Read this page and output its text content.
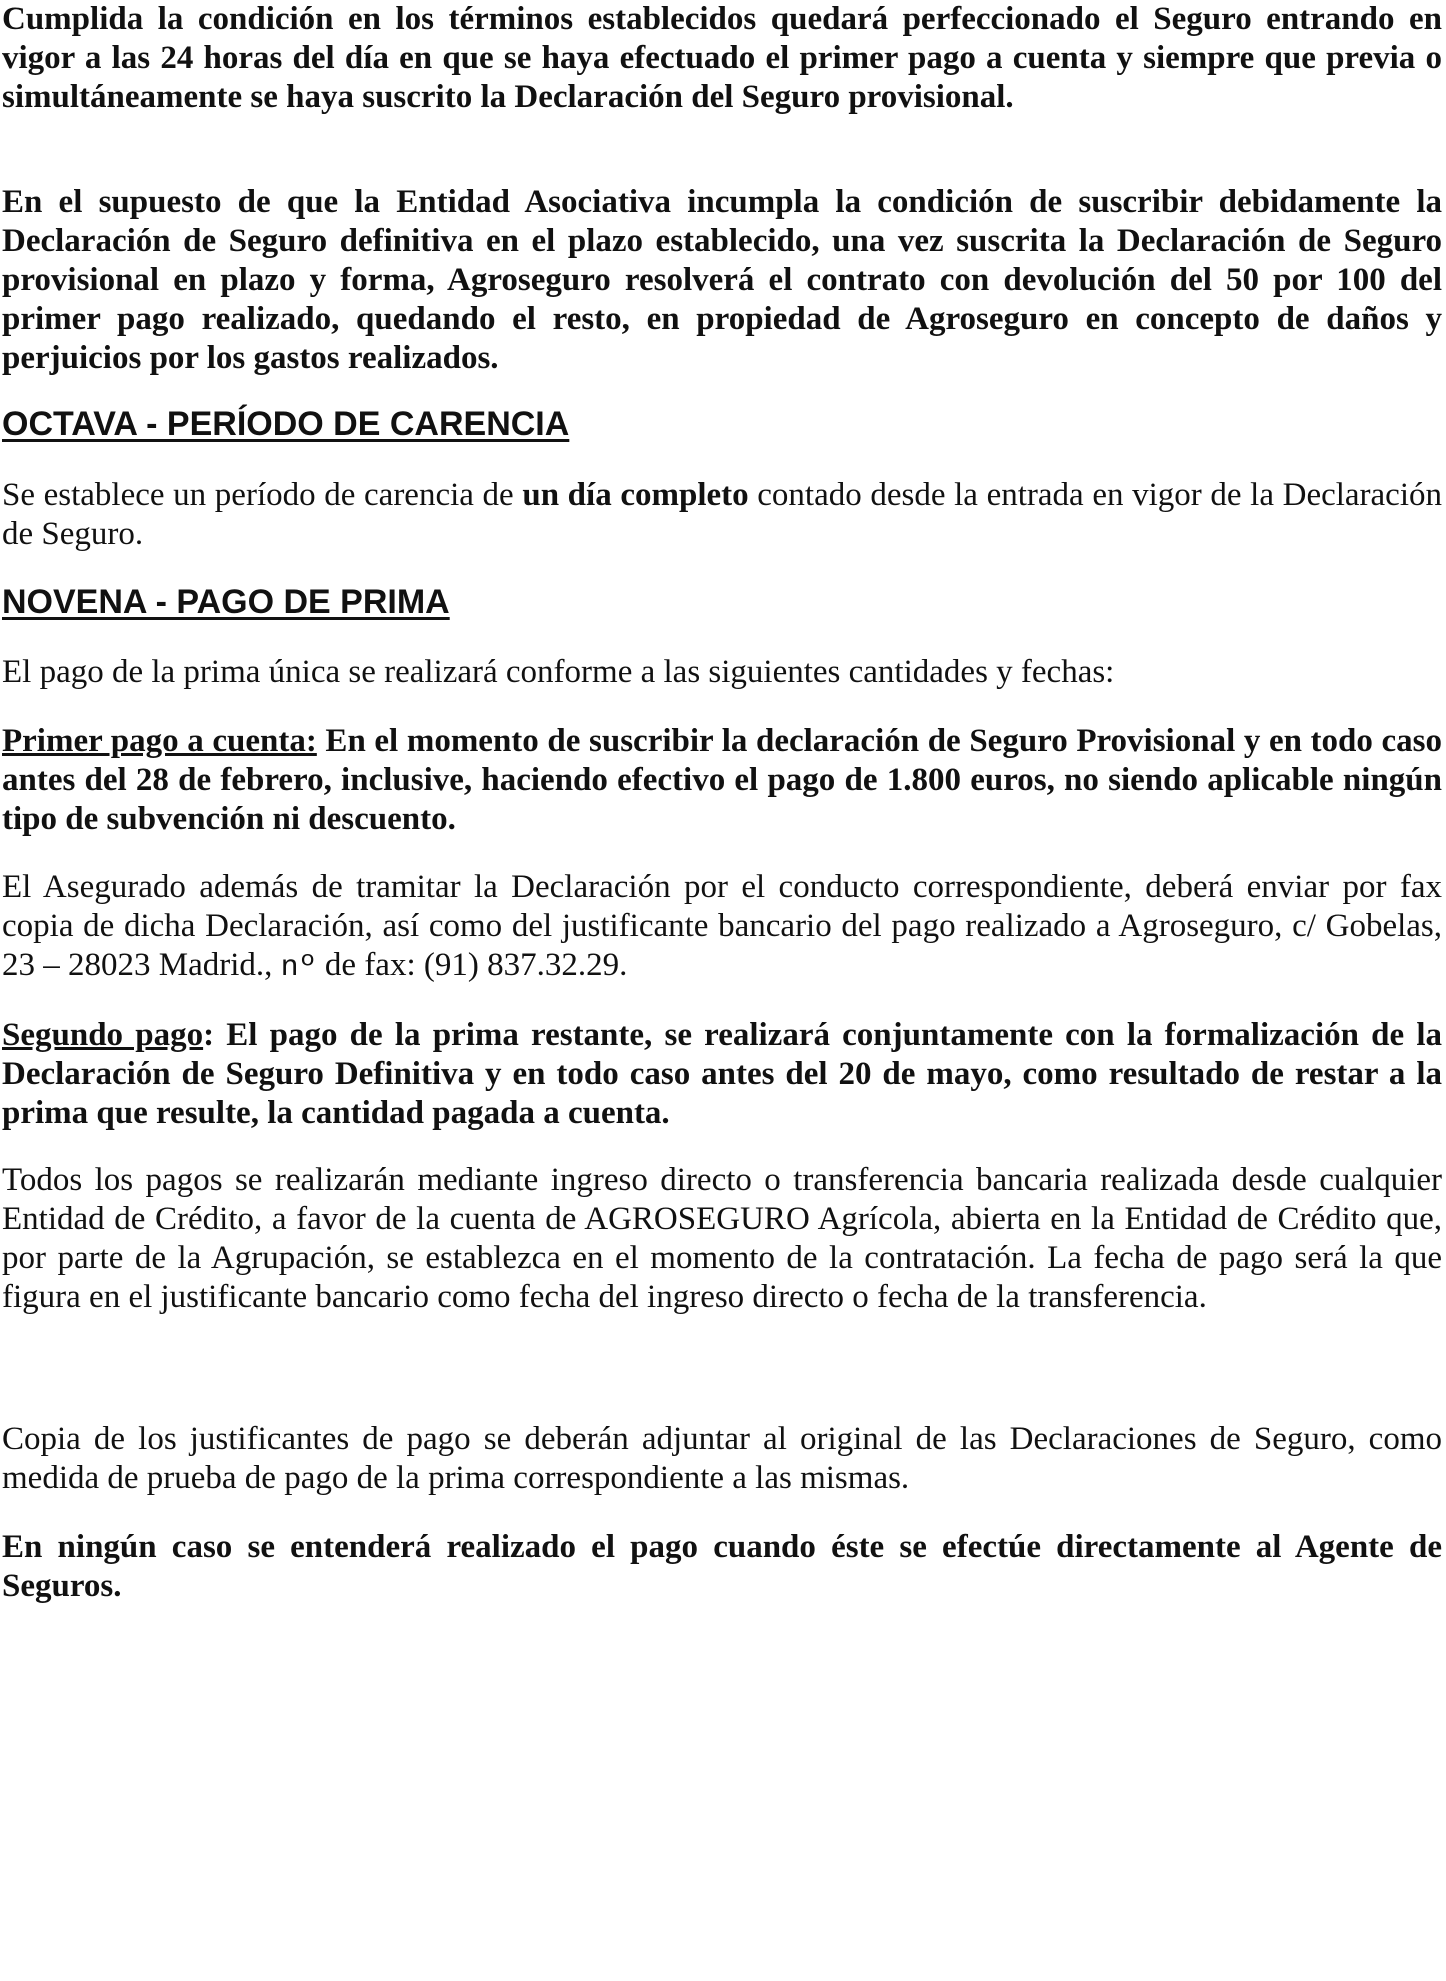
Cumplida la condición en los términos establecidos quedará perfeccionado el Seguro entrando en vigor a las 24 horas del día en que se haya efectuado el primer pago a cuenta y siempre que previa o simultáneamente se haya suscrito la Declaración del Seguro provisional.

En el supuesto de que la Entidad Asociativa incumpla la condición de suscribir debidamente la Declaración de Seguro definitiva en el plazo establecido, una vez suscrita la Declaración de Seguro provisional en plazo y forma, Agroseguro resolverá el contrato con devolución del 50 por 100 del primer pago realizado, quedando el resto, en propiedad de Agroseguro en concepto de daños y perjuicios por los gastos realizados.

OCTAVA - PERÍODO DE CARENCIA

Se establece un período de carencia de un día completo contado desde la entrada en vigor de la Declaración de Seguro.

NOVENA - PAGO DE PRIMA

El pago de la prima única se realizará conforme a las siguientes cantidades y fechas:

Primer pago a cuenta: En el momento de suscribir la declaración de Seguro Provisional y en todo caso antes del 28 de febrero, inclusive, haciendo efectivo el pago de 1.800 euros, no siendo aplicable ningún tipo de subvención ni descuento.

El Asegurado además de tramitar la Declaración por el conducto correspondiente, deberá enviar por fax copia de dicha Declaración, así como del justificante bancario del pago realizado a Agroseguro, c/ Gobelas, 23 – 28023 Madrid., nº de fax: (91) 837.32.29.

Segundo pago: El pago de la prima restante, se realizará conjuntamente con la formalización de la Declaración de Seguro Definitiva y en todo caso antes del 20 de mayo, como resultado de restar a la prima que resulte, la cantidad pagada a cuenta.

Todos los pagos se realizarán mediante ingreso directo o transferencia bancaria realizada desde cualquier Entidad de Crédito, a favor de la cuenta de AGROSEGURO Agrícola, abierta en la Entidad de Crédito que, por parte de la Agrupación, se establezca en el momento de la contratación. La fecha de pago será la que figura en el justificante bancario como fecha del ingreso directo o fecha de la transferencia.

Copia de los justificantes de pago se deberán adjuntar al original de las Declaraciones de Seguro, como medida de prueba de pago de la prima correspondiente a las mismas.

En ningún caso se entenderá realizado el pago cuando éste se efectúe directamente al Agente de Seguros.
